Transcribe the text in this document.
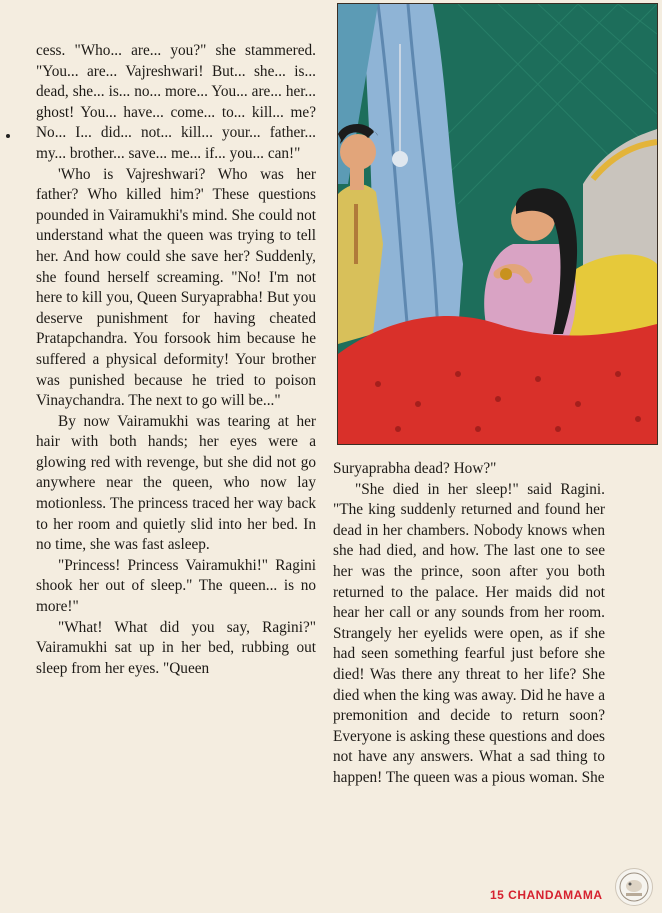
cess. "Who... are... you?" she stammered. "You... are... Vajreshwari! But... she... is... dead, she... is... no... more... You... are... her... ghost! You... have... come... to... kill... me? No... I... did... not... kill... your... father... my... brother... save... me... if... you... can!"

'Who is Vajreshwari? Who was her father? Who killed him?' These questions pounded in Vairamukhi's mind. She could not understand what the queen was trying to tell her. And how could she save her? Suddenly, she found herself screaming. "No! I'm not here to kill you, Queen Suryaprabha! But you deserve punishment for having cheated Pratapchandra. You forsook him because he suffered a physical deformity! Your brother was punished because he tried to poison Vinaychandra. The next to go will be..."

By now Vairamukhi was tearing at her hair with both hands; her eyes were a glowing red with revenge, but she did not go anywhere near the queen, who now lay motionless. The princess traced her way back to her room and quietly slid into her bed. In no time, she was fast asleep.

"Princess! Princess Vairamukhi!" Ragini shook her out of sleep." The queen... is no more!"

"What! What did you say, Ragini?" Vairamukhi sat up in her bed, rubbing out sleep from her eyes. "Queen

Suryaprabha dead? How?"

"She died in her sleep!" said Ragini. "The king suddenly returned and found her dead in her chambers. Nobody knows when she had died, and how. The last one to see her was the prince, soon after you both returned to the palace. Her maids did not hear her call or any sounds from her room. Strangely her eyelids were open, as if she had seen something fearful just before she died! Was there any threat to her life? She died when the king was away. Did he have a premonition and decide to return soon? Everyone is asking these questions and does not have any answers. What a sad thing to happen! The queen was a pious woman. She

15 CHANDAMAMA
